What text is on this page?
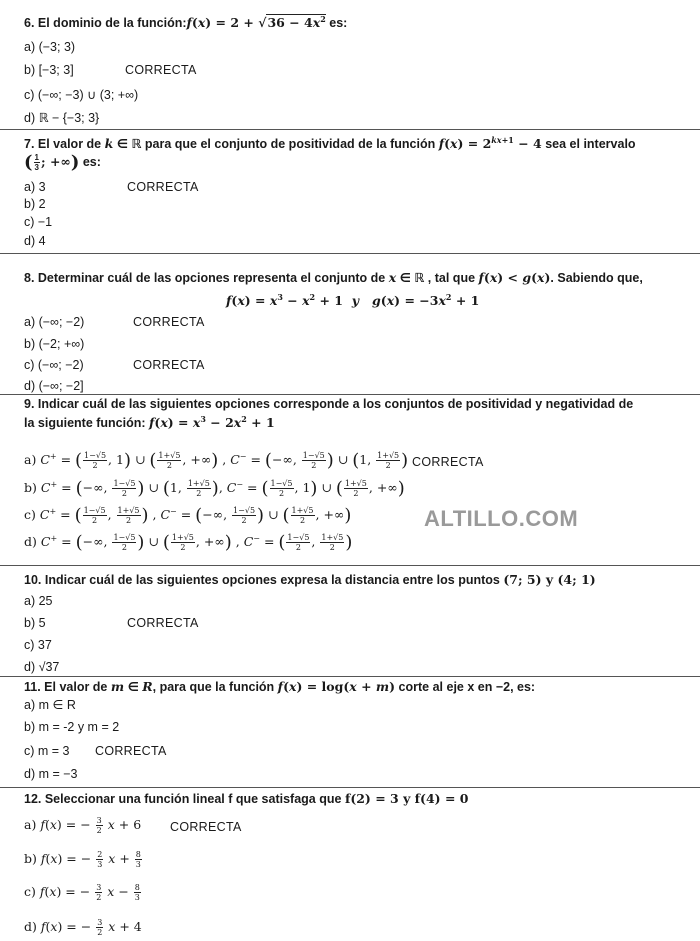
6. El dominio de la función:f(x) = $2 + √36 - 4x^2$ es:
a) (−3; 3)
b) [−3; 3]	CORRECTA
c) (−∞; −3) ∪ (3; +∞)
d) ℝ − {−3; 3}
7. El valor de k ∈ ℝ para que el conjunto de positividad de la función $f(x) = 2^{kx+1} - 4$ sea el intervalo
( $\frac{1}{3}$ ; +∞) es:
a) 3	CORRECTA
b) 2
c) −1
d) 4
8. Determinar cuál de las opciones representa el conjunto de x ∈ ℝ , tal que f(x) < g(x). Sabiendo que,
$f(x) = x^3 - x^2 + 1$ y $g(x) = -3x^2 + 1$
a) (−∞; −2)	CORRECTA
b) (−2; +∞)
c) (−∞; −2)	CORRECTA
d) (−∞; −2]
9. Indicar cuál de las siguientes opciones corresponde a los conjuntos de positividad y negatividad de
la siguiente función: $f(x) = x^3 - 2x^2 + 1$
a) C+ = ( $\frac{1-√5}{2}$ , 1) ∪ ( $\frac{1+√5}{2}$ , +∞) , C− = (−∞, $\frac{1-√5}{2}$ ) ∪ (1, $\frac{1+√5}{2}$ ) CORRECTA
b) C+ = (−∞, $\frac{1-√5}{2}$ ) ∪ (1, $\frac{1+√5}{2}$ ), C− = ( $\frac{1-√5}{2}$ , 1) ∪ ( $\frac{1+√5}{2}$ , +∞)
c) C+ = ( $\frac{1-√5}{2}$ , $\frac{1+√5}{2}$ ) , C− = (−∞, $\frac{1-√5}{2}$ ) ∪ ( $\frac{1+√5}{2}$ , +∞)
d) C+ = (−∞, $\frac{1-√5}{2}$ ) ∪ ( $\frac{1+√5}{2}$ , +∞) , C− = ( $\frac{1-√5}{2}$ , $\frac{1+√5}{2}$ )
ALTILLO.COM
10. Indicar cuál de las siguientes opciones expresa la distancia entre los puntos (7; 5) y (4; 1)
a) 25
b) 5	CORRECTA
c) 37
d) √37
11. El valor de m ∈ R, para que la función f(x) = log(x + m) corte al eje x en −2, es:
a) m ∈ R
b) m = -2 y m = 2
c) m = 3 CORRECTA
d) m = −3
12. Seleccionar una función lineal f que satisfaga que f(2) = 3 y f(4) = 0
a) f(x) = − $\frac{3}{2}$ x + 6 CORRECTA
b) f(x) = − $\frac{2}{3}$ $x + \frac{8}{3}$
c) f(x) = − $\frac{3}{2}$ $x - \frac{8}{3}$
d) f(x) = − $\frac{3}{2}$ x + 4
